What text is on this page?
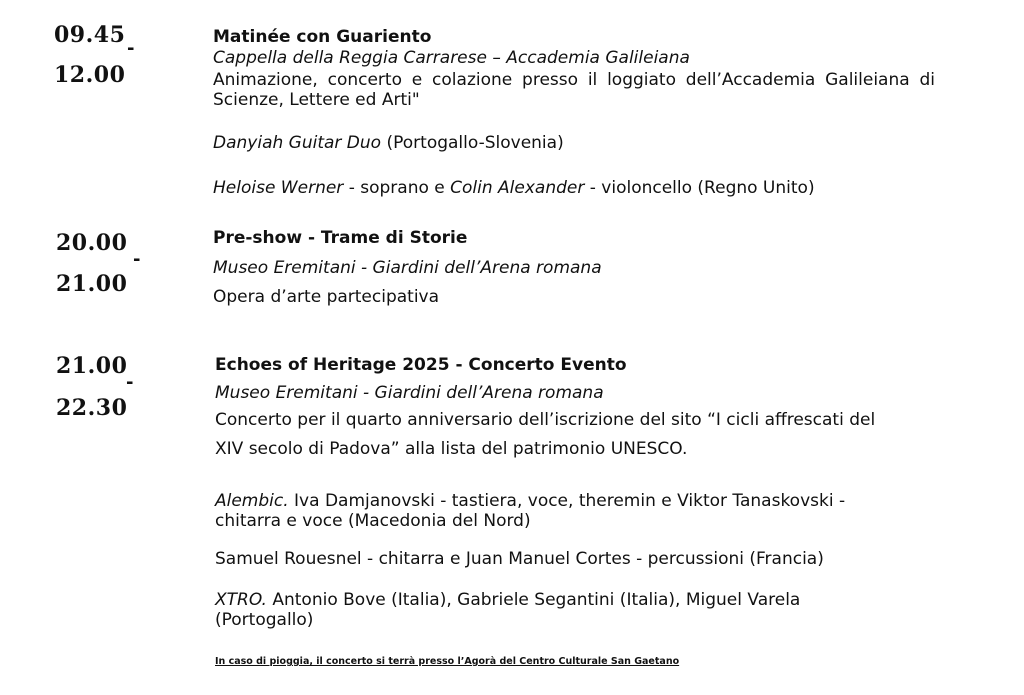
09.45
-
12.00
Matinée con Guariento
Cappella della Reggia Carrarese – Accademia Galileiana
Animazione, concerto e colazione presso il loggiato dell’Accademia Galileiana di Scienze, Lettere ed Arti"
Danyiah Guitar Duo (Portogallo-Slovenia)
Heloise Werner - soprano e Colin Alexander - violoncello (Regno Unito)
20.00
-
21.00
Pre-show - Trame di Storie
Museo Eremitani - Giardini dell’Arena romana
Opera d’arte partecipativa
21.00
-
22.30
Echoes of Heritage 2025 - Concerto Evento
Museo Eremitani - Giardini dell’Arena romana
Concerto per il quarto anniversario dell’iscrizione del sito “I cicli affrescati del
XIV secolo di Padova” alla lista del patrimonio UNESCO.
Alembic. Iva Damjanovski - tastiera, voce, theremin e Viktor Tanaskovski -
chitarra e voce (Macedonia del Nord)
Samuel Rouesnel - chitarra e Juan Manuel Cortes - percussioni (Francia)
XTRO. Antonio Bove (Italia), Gabriele Segantini (Italia), Miguel Varela
(Portogallo)
In caso di pioggia, il concerto si terrà presso l’Agorà del Centro Culturale San Gaetano
